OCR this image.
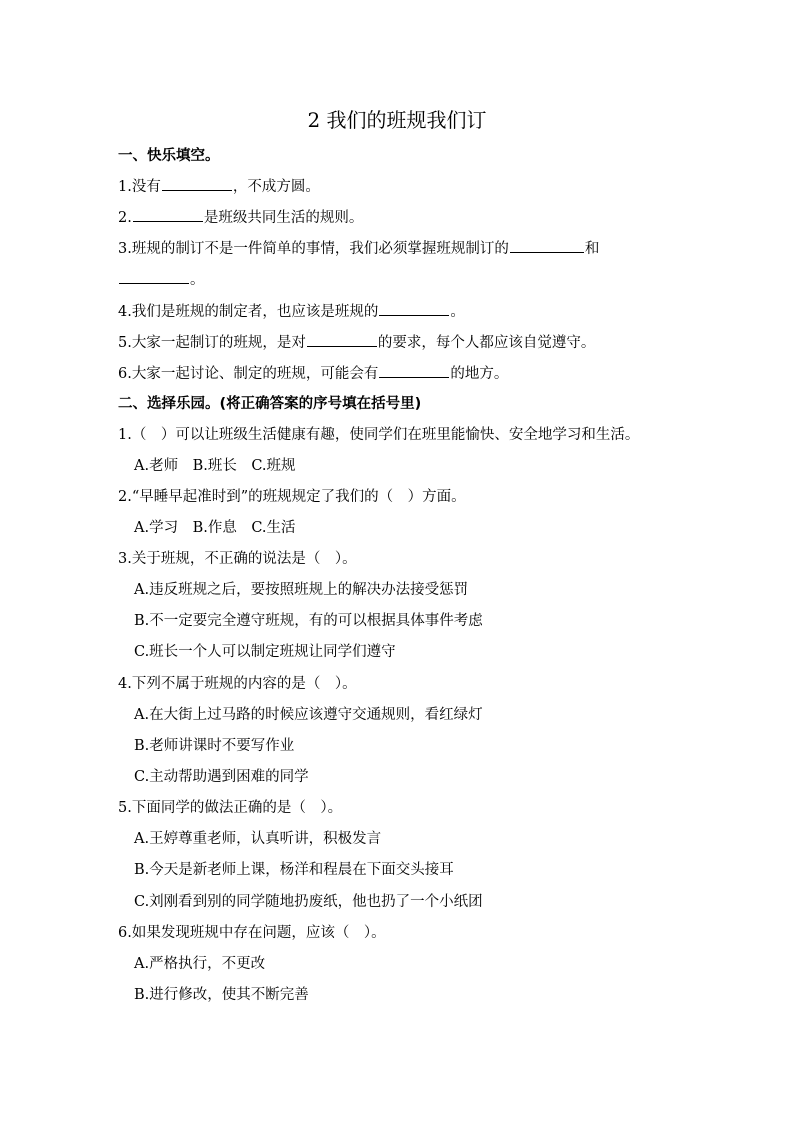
2 我们的班规我们订
一、快乐填空。
1.没有	，不成方圆。
2.	是班级共同生活的规则。
3.班规的制订不是一件简单的事情，我们必须掌握班规制订的	和
。
4.我们是班规的制定者，也应该是班规的	。
5.大家一起制订的班规，是对	的要求，每个人都应该自觉遵守。
6.大家一起讨论、制定的班规，可能会有	的地方。
二、选择乐园。(将正确答案的序号填在括号里)
1.（　）可以让班级生活健康有趣，使同学们在班里能愉快、安全地学习和生活。
A.老师　B.班长　C.班规
2.“早睡早起准时到”的班规规定了我们的（　）方面。
A.学习　B.作息　C.生活
3.关于班规，不正确的说法是（　）。
A.违反班规之后，要按照班规上的解决办法接受惩罚
B.不一定要完全遵守班规，有的可以根据具体事件考虑
C.班长一个人可以制定班规让同学们遵守
4.下列不属于班规的内容的是（　）。
A.在大街上过马路的时候应该遵守交通规则，看红绿灯
B.老师讲课时不要写作业
C.主动帮助遇到困难的同学
5.下面同学的做法正确的是（　）。
A.王婷尊重老师，认真听讲，积极发言
B.今天是新老师上课，杨洋和程晨在下面交头接耳
C.刘刚看到别的同学随地扔废纸，他也扔了一个小纸团
6.如果发现班规中存在问题，应该（　）。
A.严格执行，不更改
B.进行修改，使其不断完善
